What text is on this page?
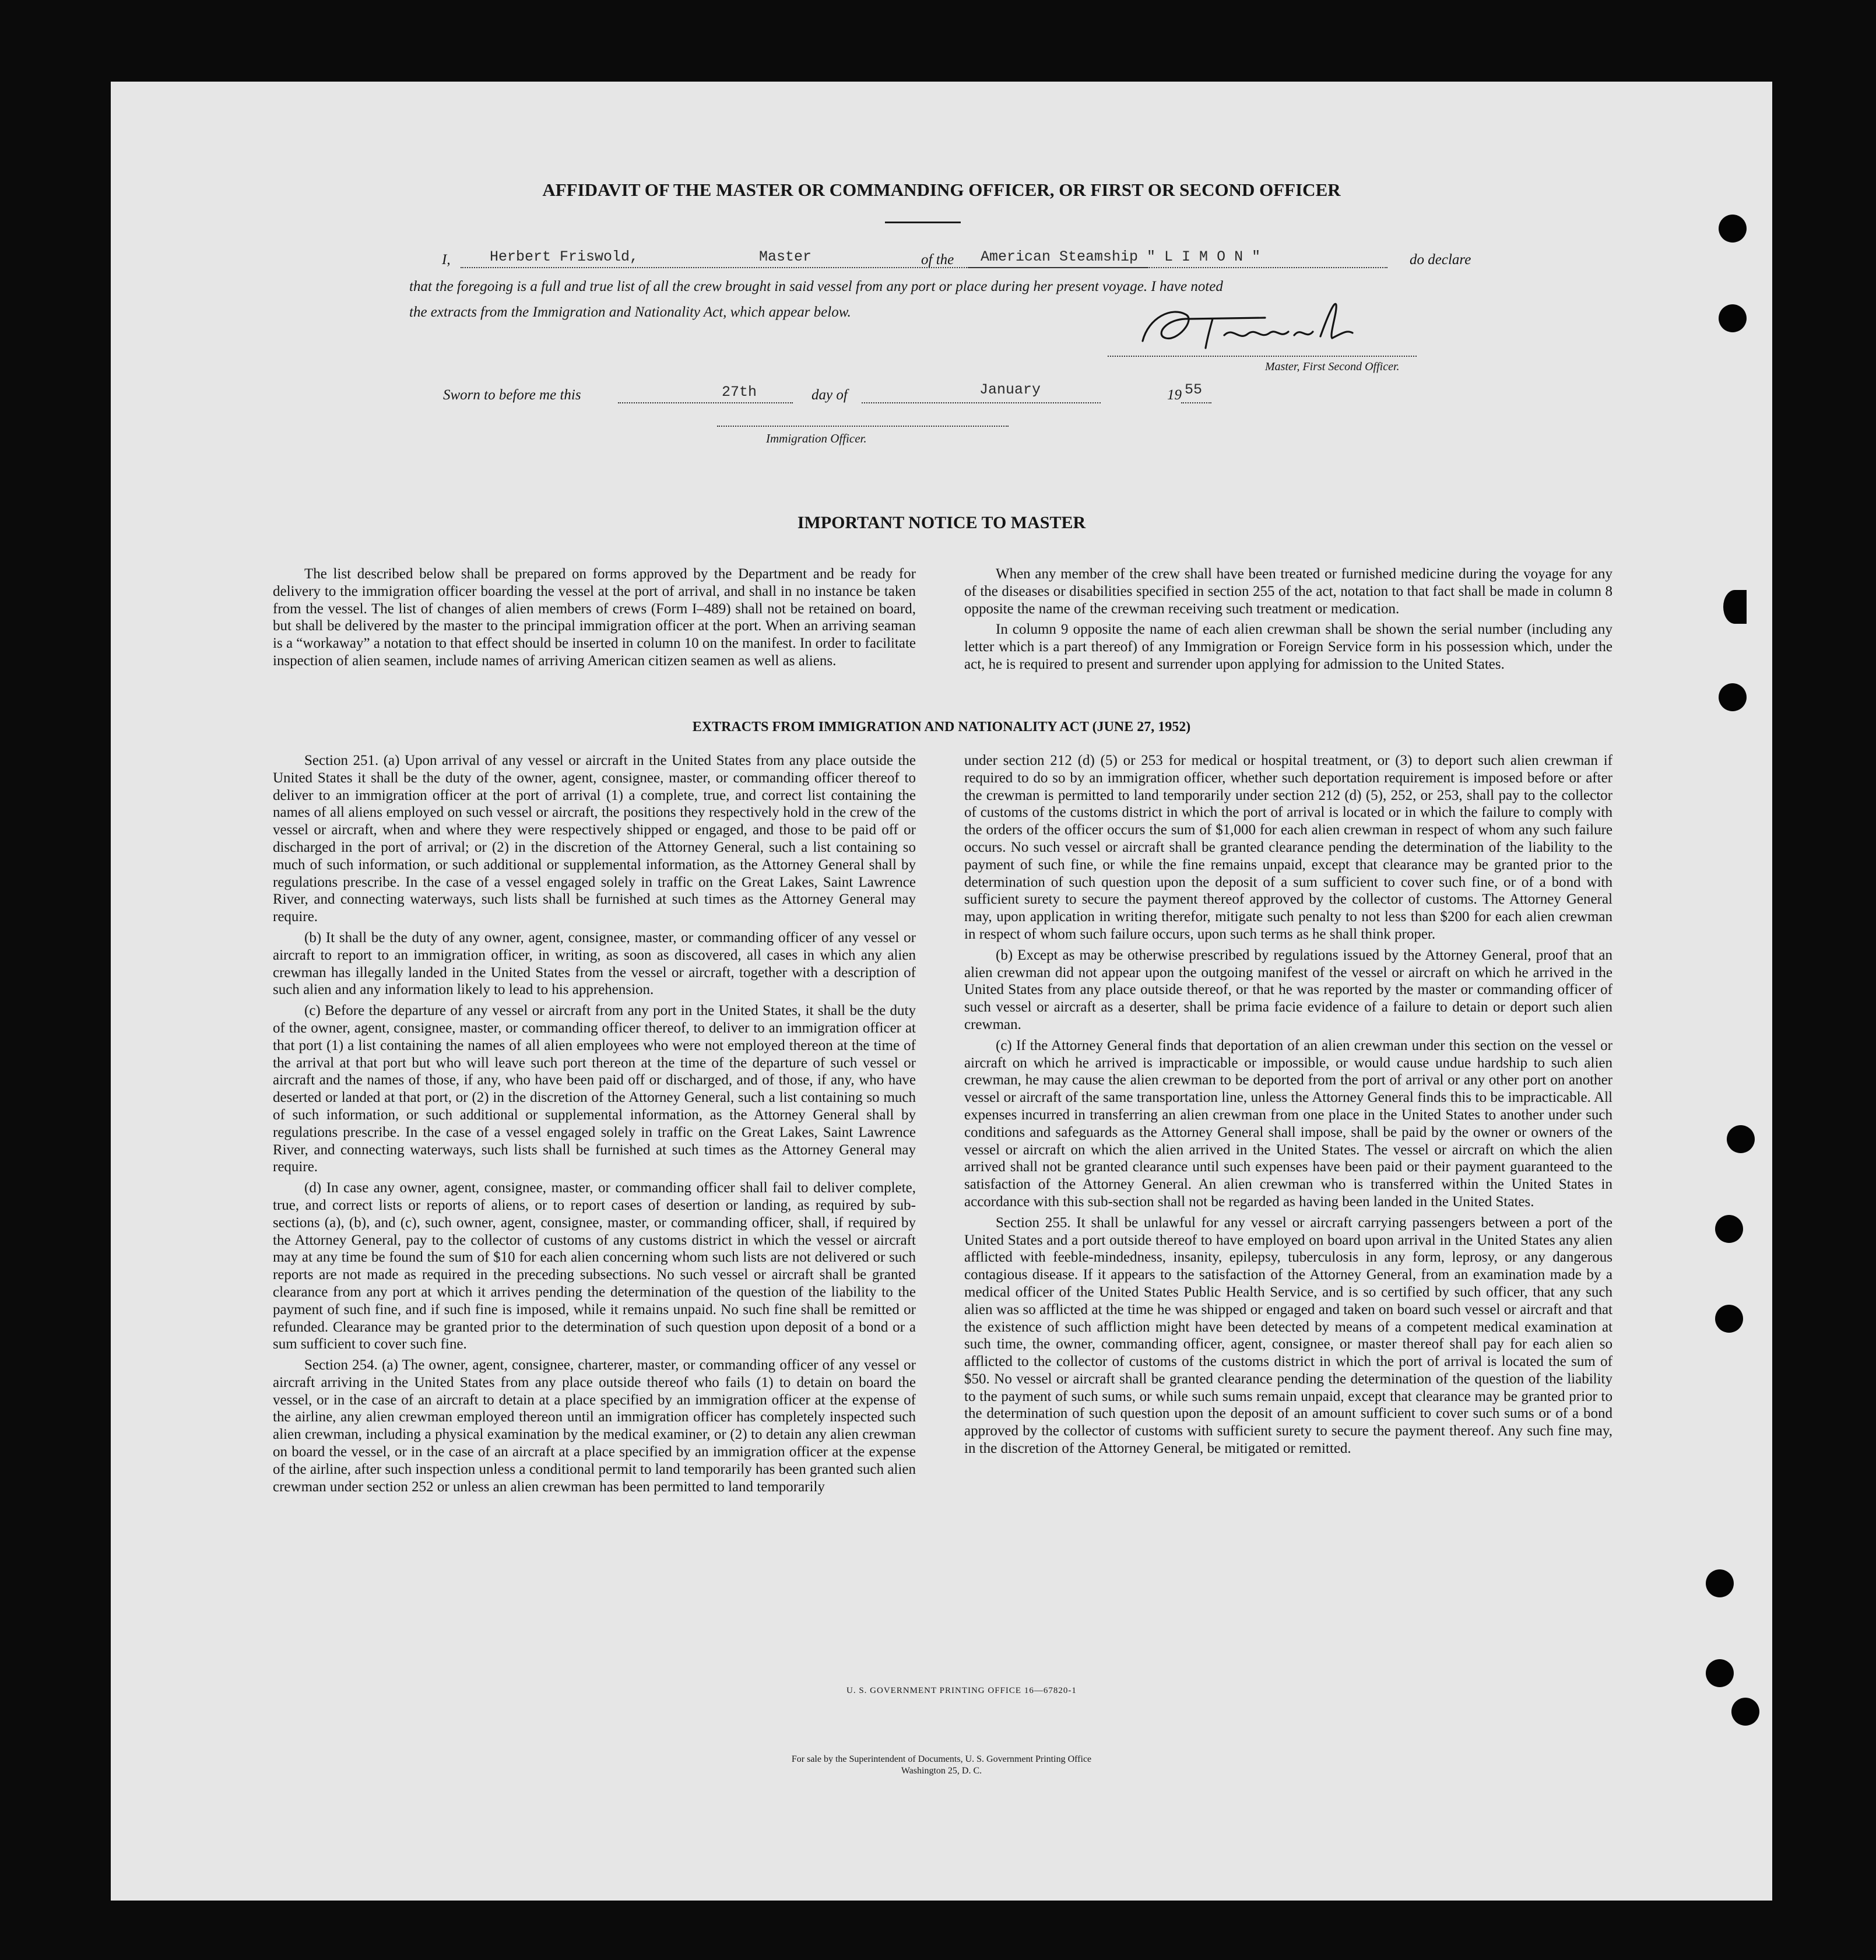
AFFIDAVIT OF THE MASTER OR COMMANDING OFFICER, OR FIRST OR SECOND OFFICER
I,	Herbert Friswold,	Master	of the American Steamship " L I M O N "	do declare
that the foregoing is a full and true list of all the crew brought in said vessel from any port or place during her present voyage. I have noted
the extracts from the Immigration and Nationality Act, which appear below.
Master, First Second Officer.
Sworn to before me this	27th	day of	January	19 55
Immigration Officer.
IMPORTANT NOTICE TO MASTER

The list described below shall be prepared on forms approved by the Department and be ready for delivery to the immigration officer boarding the vessel at the port of arrival, and shall in no instance be taken from the vessel. The list of changes of alien members of crews (Form I–489) shall not be retained on board, but shall be delivered by the master to the principal immigration officer at the port. When an arriving seaman is a “workaway” a notation to that effect should be inserted in column 10 on the manifest. In order to facilitate inspection of alien seamen, include names of arriving American citizen seamen as well as aliens.

When any member of the crew shall have been treated or furnished medicine during the voyage for any of the diseases or disabilities specified in section 255 of the act, notation to that fact shall be made in column 8 opposite the name of the crewman receiving such treatment or medication.

In column 9 opposite the name of each alien crewman shall be shown the serial number (including any letter which is a part thereof) of any Immigration or Foreign Service form in his possession which, under the act, he is required to present and surrender upon applying for admission to the United States.

EXTRACTS FROM IMMIGRATION AND NATIONALITY ACT (JUNE 27, 1952)

Section 251. (a) Upon arrival of any vessel or aircraft in the United States from any place outside the United States it shall be the duty of the owner, agent, consignee, master, or commanding officer thereof to deliver to an immigration officer at the port of arrival (1) a complete, true, and correct list containing the names of all aliens employed on such vessel or aircraft, the positions they respectively hold in the crew of the vessel or aircraft, when and where they were respectively shipped or engaged, and those to be paid off or discharged in the port of arrival; or (2) in the discretion of the Attorney General, such a list containing so much of such information, or such additional or supplemental information, as the Attorney General shall by regulations prescribe. In the case of a vessel engaged solely in traffic on the Great Lakes, Saint Lawrence River, and connecting waterways, such lists shall be furnished at such times as the Attorney General may require.

(b) It shall be the duty of any owner, agent, consignee, master, or commanding officer of any vessel or aircraft to report to an immigration officer, in writing, as soon as discovered, all cases in which any alien crewman has illegally landed in the United States from the vessel or aircraft, together with a description of such alien and any information likely to lead to his apprehension.

(c) Before the departure of any vessel or aircraft from any port in the United States, it shall be the duty of the owner, agent, consignee, master, or commanding officer thereof, to deliver to an immigration officer at that port (1) a list containing the names of all alien employees who were not employed thereon at the time of the arrival at that port but who will leave such port thereon at the time of the departure of such vessel or aircraft and the names of those, if any, who have been paid off or discharged, and of those, if any, who have deserted or landed at that port, or (2) in the discretion of the Attorney General, such a list containing so much of such information, or such additional or supplemental information, as the Attorney General shall by regulations prescribe. In the case of a vessel engaged solely in traffic on the Great Lakes, Saint Lawrence River, and connecting waterways, such lists shall be furnished at such times as the Attorney General may require.

(d) In case any owner, agent, consignee, master, or commanding officer shall fail to deliver complete, true, and correct lists or reports of aliens, or to report cases of desertion or landing, as required by sub-sections (a), (b), and (c), such owner, agent, consignee, master, or commanding officer, shall, if required by the Attorney General, pay to the collector of customs of any customs district in which the vessel or aircraft may at any time be found the sum of $10 for each alien concerning whom such lists are not delivered or such reports are not made as required in the preceding subsections. No such vessel or aircraft shall be granted clearance from any port at which it arrives pending the determination of the question of the liability to the payment of such fine, and if such fine is imposed, while it remains unpaid. No such fine shall be remitted or refunded. Clearance may be granted prior to the determination of such question upon deposit of a bond or a sum sufficient to cover such fine.

Section 254. (a) The owner, agent, consignee, charterer, master, or commanding officer of any vessel or aircraft arriving in the United States from any place outside thereof who fails (1) to detain on board the vessel, or in the case of an aircraft to detain at a place specified by an immigration officer at the expense of the airline, any alien crewman employed thereon until an immigration officer has completely inspected such alien crewman, including a physical examination by the medical examiner, or (2) to detain any alien crewman on board the vessel, or in the case of an aircraft at a place specified by an immigration officer at the expense of the airline, after such inspection unless a conditional permit to land temporarily has been granted such alien crewman under section 252 or unless an alien crewman has been permitted to land temporarily

under section 212 (d) (5) or 253 for medical or hospital treatment, or (3) to deport such alien crewman if required to do so by an immigration officer, whether such deportation requirement is imposed before or after the crewman is permitted to land temporarily under section 212 (d) (5), 252, or 253, shall pay to the collector of customs of the customs district in which the port of arrival is located or in which the failure to comply with the orders of the officer occurs the sum of $1,000 for each alien crewman in respect of whom any such failure occurs. No such vessel or aircraft shall be granted clearance pending the determination of the liability to the payment of such fine, or while the fine remains unpaid, except that clearance may be granted prior to the determination of such question upon the deposit of a sum sufficient to cover such fine, or of a bond with sufficient surety to secure the payment thereof approved by the collector of customs. The Attorney General may, upon application in writing therefor, mitigate such penalty to not less than $200 for each alien crewman in respect of whom such failure occurs, upon such terms as he shall think proper.

(b) Except as may be otherwise prescribed by regulations issued by the Attorney General, proof that an alien crewman did not appear upon the outgoing manifest of the vessel or aircraft on which he arrived in the United States from any place outside thereof, or that he was reported by the master or commanding officer of such vessel or aircraft as a deserter, shall be prima facie evidence of a failure to detain or deport such alien crewman.

(c) If the Attorney General finds that deportation of an alien crewman under this section on the vessel or aircraft on which he arrived is impracticable or impossible, or would cause undue hardship to such alien crewman, he may cause the alien crewman to be deported from the port of arrival or any other port on another vessel or aircraft of the same transportation line, unless the Attorney General finds this to be impracticable. All expenses incurred in transferring an alien crewman from one place in the United States to another under such conditions and safeguards as the Attorney General shall impose, shall be paid by the owner or owners of the vessel or aircraft on which the alien arrived in the United States. The vessel or aircraft on which the alien arrived shall not be granted clearance until such expenses have been paid or their payment guaranteed to the satisfaction of the Attorney General. An alien crewman who is transferred within the United States in accordance with this sub-section shall not be regarded as having been landed in the United States.

Section 255. It shall be unlawful for any vessel or aircraft carrying passengers between a port of the United States and a port outside thereof to have employed on board upon arrival in the United States any alien afflicted with feeble-mindedness, insanity, epilepsy, tuberculosis in any form, leprosy, or any dangerous contagious disease. If it appears to the satisfaction of the Attorney General, from an examination made by a medical officer of the United States Public Health Service, and is so certified by such officer, that any such alien was so afflicted at the time he was shipped or engaged and taken on board such vessel or aircraft and that the existence of such affliction might have been detected by means of a competent medical examination at such time, the owner, commanding officer, agent, consignee, or master thereof shall pay for each alien so afflicted to the collector of customs of the customs district in which the port of arrival is located the sum of $50. No vessel or aircraft shall be granted clearance pending the determination of the question of the liability to the payment of such sums, or while such sums remain unpaid, except that clearance may be granted prior to the determination of such question upon the deposit of an amount sufficient to cover such sums or of a bond approved by the collector of customs with sufficient surety to secure the payment thereof. Any such fine may, in the discretion of the Attorney General, be mitigated or remitted.

U. S. GOVERNMENT PRINTING OFFICE 16—67820-1
For sale by the Superintendent of Documents, U. S. Government Printing Office
Washington 25, D. C.
